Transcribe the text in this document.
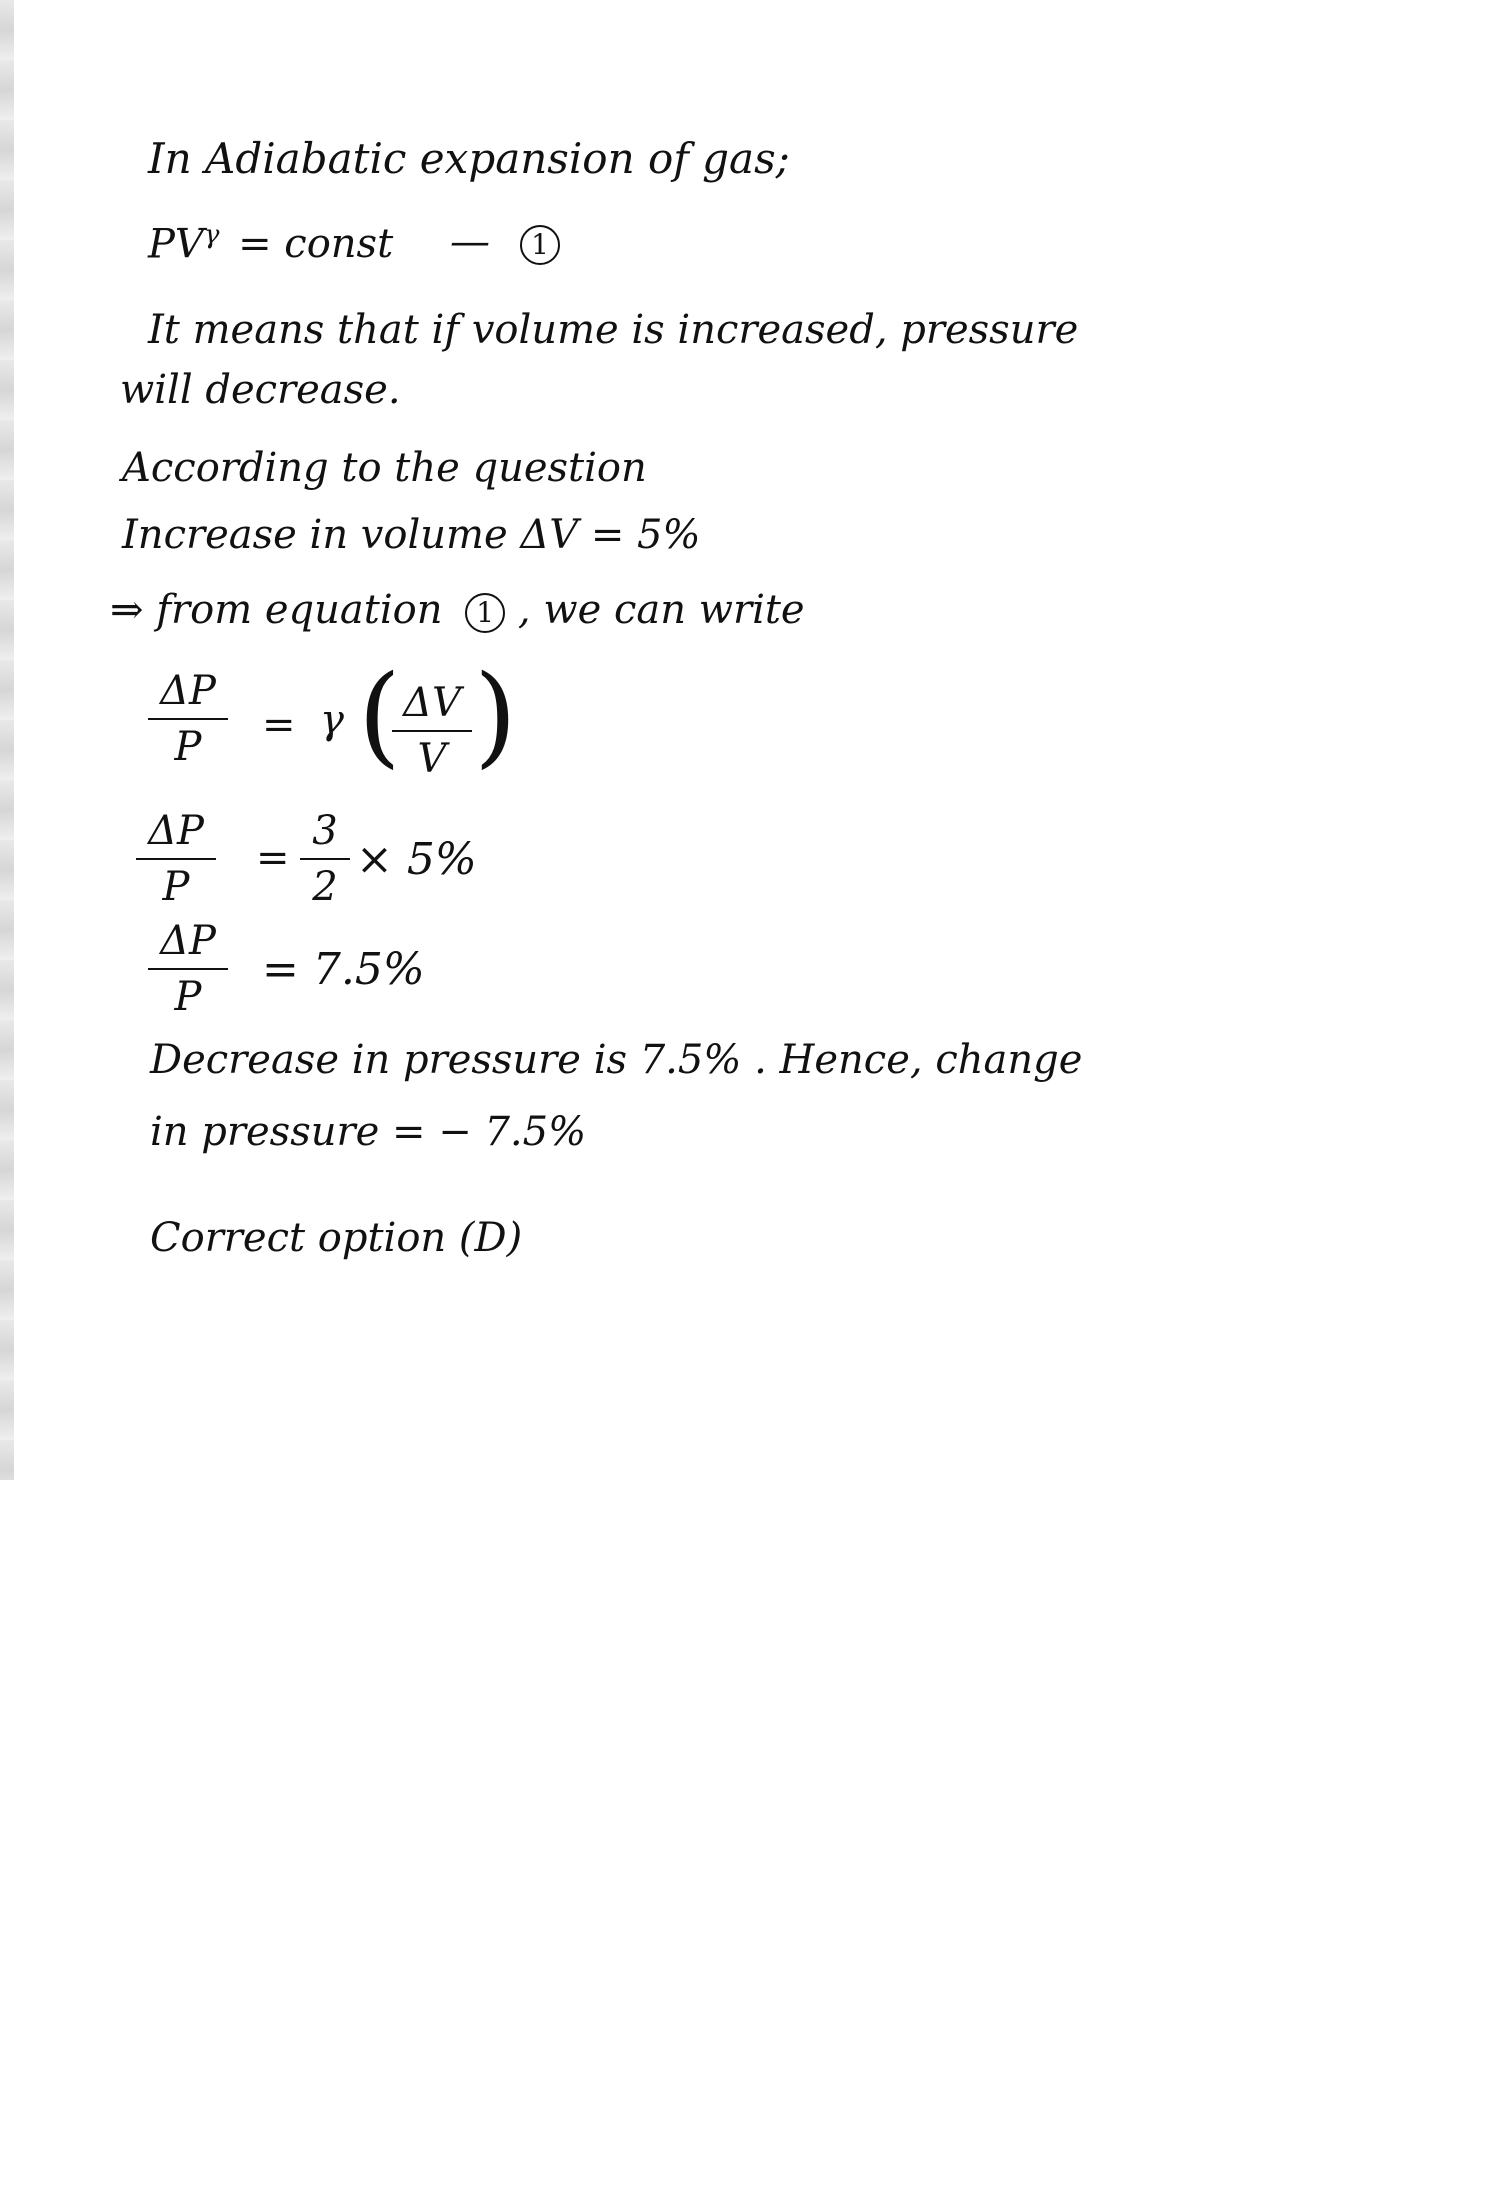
In Adiabatic expansion of gas;
$PV^\gamma$ = const —	1
It means that if volume is increased, pressure
will decrease.
According to the question
Increase in volume ΔV = 5%
⇒ from equation 1 , we can write
ΔP
P	= γ ( ΔV
V )
ΔP
P
=
3
2
× 5%
ΔP
P
= 7.5%
Decrease in pressure is 7.5% . Hence, change
in pressure = − 7.5%
Correct option (D)
